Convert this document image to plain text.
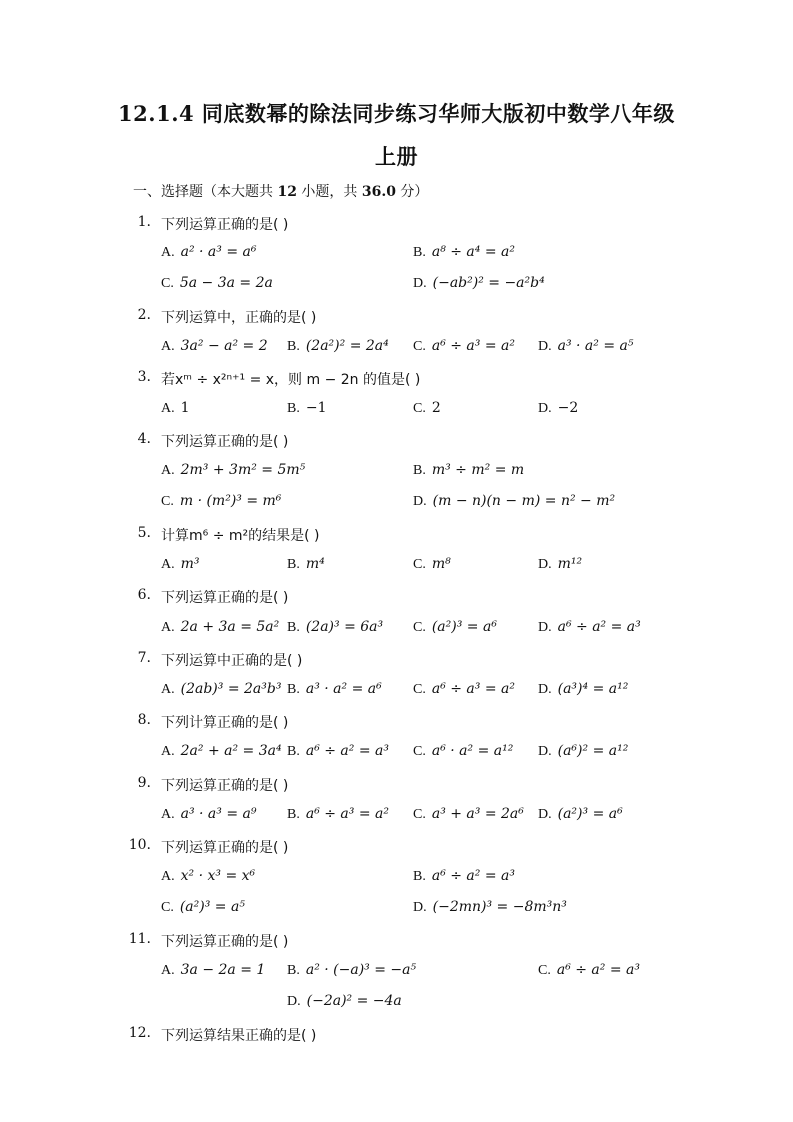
12.1.4 同底数幂的除法同步练习华师大版初中数学八年级
上册
一、选择题（本大题共 12 小题，共 36.0 分）
1. 下列运算正确的是( )
A. a² · a³ = a⁶	B. a⁸ ÷ a⁴ = a²
C. 5a − 3a = 2a	D. (−ab²)² = −a²b⁴
2. 下列运算中，正确的是( )
A. 3a² − a² = 2 B. (2a²)² = 2a⁴ C. a⁶ ÷ a³ = a² D. a³ · a² = a⁵
3. 若xᵐ ÷ x²ⁿ⁺¹ = x，则 m − 2n 的值是( )
A. 1	B. −1	C. 2	D. −2
4. 下列运算正确的是( )
A. 2m³ + 3m² = 5m⁵	B. m³ ÷ m² = m
C. m · (m²)³ = m⁶	D. (m − n)(n − m) = n² − m²
5. 计算m⁶ ÷ m²的结果是( )
A. m³	B. m⁴	C. m⁸	D. m¹²
6. 下列运算正确的是( )
A. 2a + 3a = 5a² B. (2a)³ = 6a³ C. (a²)³ = a⁶	D. a⁶ ÷ a² = a³
7. 下列运算中正确的是( )
A. (2ab)³ = 2a³b³ B. a³ · a² = a⁶ C. a⁶ ÷ a³ = a² D. (a³)⁴ = a¹²
8. 下列计算正确的是( )
A. 2a² + a² = 3a⁴ B. a⁶ ÷ a² = a³ C. a⁶ · a² = a¹² D. (a⁶)² = a¹²
9. 下列运算正确的是( )
A. a³ · a³ = a⁹ B. a⁶ ÷ a³ = a² C. a³ + a³ = 2a⁶ D. (a²)³ = a⁶
10. 下列运算正确的是( )
A. x² · x³ = x⁶	B. a⁶ ÷ a² = a³
C. (a²)³ = a⁵	D. (−2mn)³ = −8m³n³
11. 下列运算正确的是( )
A. 3a − 2a = 1 B. a² · (−a)³ = −a⁵	C. a⁶ ÷ a² = a³
D. (−2a)² = −4a
12. 下列运算结果正确的是( )
